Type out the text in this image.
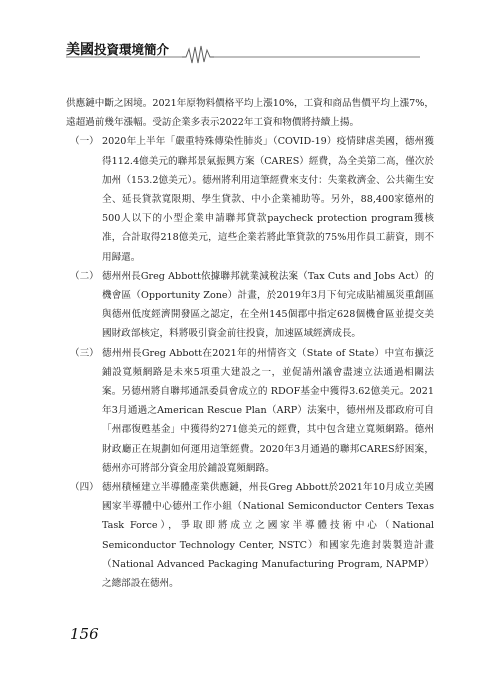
美國投資環境簡介

供應鏈中斷之困境。2021年原物料價格平均上漲10%，工資和商品售價平均上漲7%，遠超過前幾年漲幅。受訪企業多表示2022年工資和物價將持續上揚。

（一） 2020年上半年「嚴重特殊傳染性肺炎」（COVID-19）疫情肆虐美國，德州獲得112.4億美元的聯邦景氣振興方案（CARES）經費，為全美第二高，僅次於加州（153.2億美元）。德州將利用這筆經費來支付：失業救濟金、公共衛生安全、延長貸款寬限期、學生貸款、中小企業補助等。另外，88,400家德州的500人以下的小型企業申請聯邦貸款paycheck protection program獲核准，合計取得218億美元，這些企業若將此筆貸款的75%用作員工薪資，則不用歸還。

（二） 德州州長Greg Abbott依據聯邦就業減稅法案（Tax Cuts and Jobs Act）的機會區（Opportunity Zone）計畫，於2019年3月下旬完成貼補風災重創區與德州低度經濟開發區之認定，在全州145個郡中指定628個機會區並提交美國財政部核定，料將吸引資金前往投資，加速區域經濟成長。

（三） 德州州長Greg Abbott在2021年的州情咨文（State of State）中宣布擴泛鋪設寬頻網路是未來5項重大建設之一，並促請州議會盡速立法通過相關法案。另德州將自聯邦通訊委員會成立的 RDOF基金中獲得3.62億美元。2021年3月通過之American Rescue Plan（ARP）法案中，德州州及郡政府可自「州郡復甦基金」中獲得約271億美元的經費，其中包含建立寬頻網路。德州財政廳正在規劃如何運用這筆經費。2020年3月通過的聯邦CARES紓困案，德州亦可將部分資金用於鋪設寬頻網路。

（四） 德州積極建立半導體產業供應鏈，州長Greg Abbott於2021年10月成立美國國家半導體中心德州工作小組（National Semiconductor Centers Texas Task Force），爭取即將成立之國家半導體技術中心（National Semiconductor Technology Center, NSTC）和國家先進封裝製造計畫（National Advanced Packaging Manufacturing Program, NAPMP）之總部設在德州。

156
